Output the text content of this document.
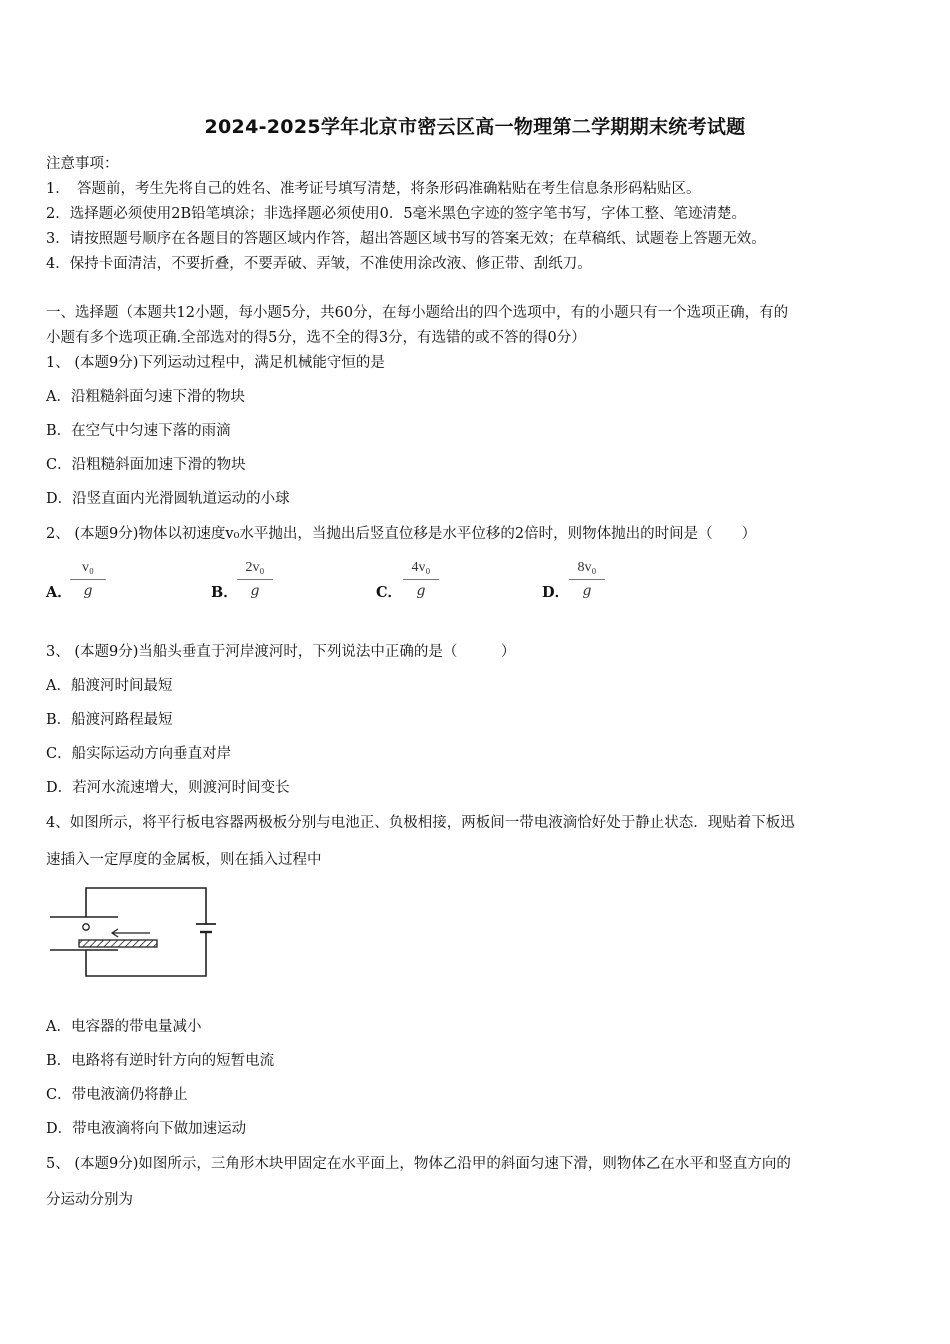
2024-2025学年北京市密云区高一物理第二学期期末统考试题
注意事项：
1．　答题前，考生先将自己的姓名、准考证号填写清楚，将条形码准确粘贴在考生信息条形码粘贴区。
2．选择题必须使用2B铅笔填涂；非选择题必须使用0．5毫米黑色字迹的签字笔书写，字体工整、笔迹清楚。
3．请按照题号顺序在各题目的答题区域内作答，超出答题区域书写的答案无效；在草稿纸、试题卷上答题无效。
4．保持卡面清洁，不要折叠，不要弄破、弄皱，不准使用涂改液、修正带、刮纸刀。
一、选择题（本题共12小题，每小题5分，共60分，在每小题给出的四个选项中，有的小题只有一个选项正确，有的
小题有多个选项正确.全部选对的得5分，选不全的得3分，有选错的或不答的得0分）
1、 (本题9分)下列运动过程中，满足机械能守恒的是
A．沿粗糙斜面匀速下滑的物块
B．在空气中匀速下落的雨滴
C．沿粗糙斜面加速下滑的物块
D．沿竖直面内光滑圆轨道运动的小球
2、 (本题9分)物体以初速度v₀水平抛出，当抛出后竖直位移是水平位移的2倍时，则物体抛出的时间是（　　）
A．
v₀
g	B．
2v₀
g	C．
4v₀
g	D．
8v₀
g
3、 (本题9分)当船头垂直于河岸渡河时，下列说法中正确的是（　　　）
A．船渡河时间最短
B．船渡河路程最短
C．船实际运动方向垂直对岸
D．若河水流速增大，则渡河时间变长
4、如图所示，将平行板电容器两极板分别与电池正、负极相接，两板间一带电液滴恰好处于静止状态．现贴着下板迅
速插入一定厚度的金属板，则在插入过程中
A．电容器的带电量减小
B．电路将有逆时针方向的短暂电流
C．带电液滴仍将静止
D．带电液滴将向下做加速运动
5、 (本题9分)如图所示，三角形木块甲固定在水平面上，物体乙沿甲的斜面匀速下滑，则物体乙在水平和竖直方向的
分运动分别为
